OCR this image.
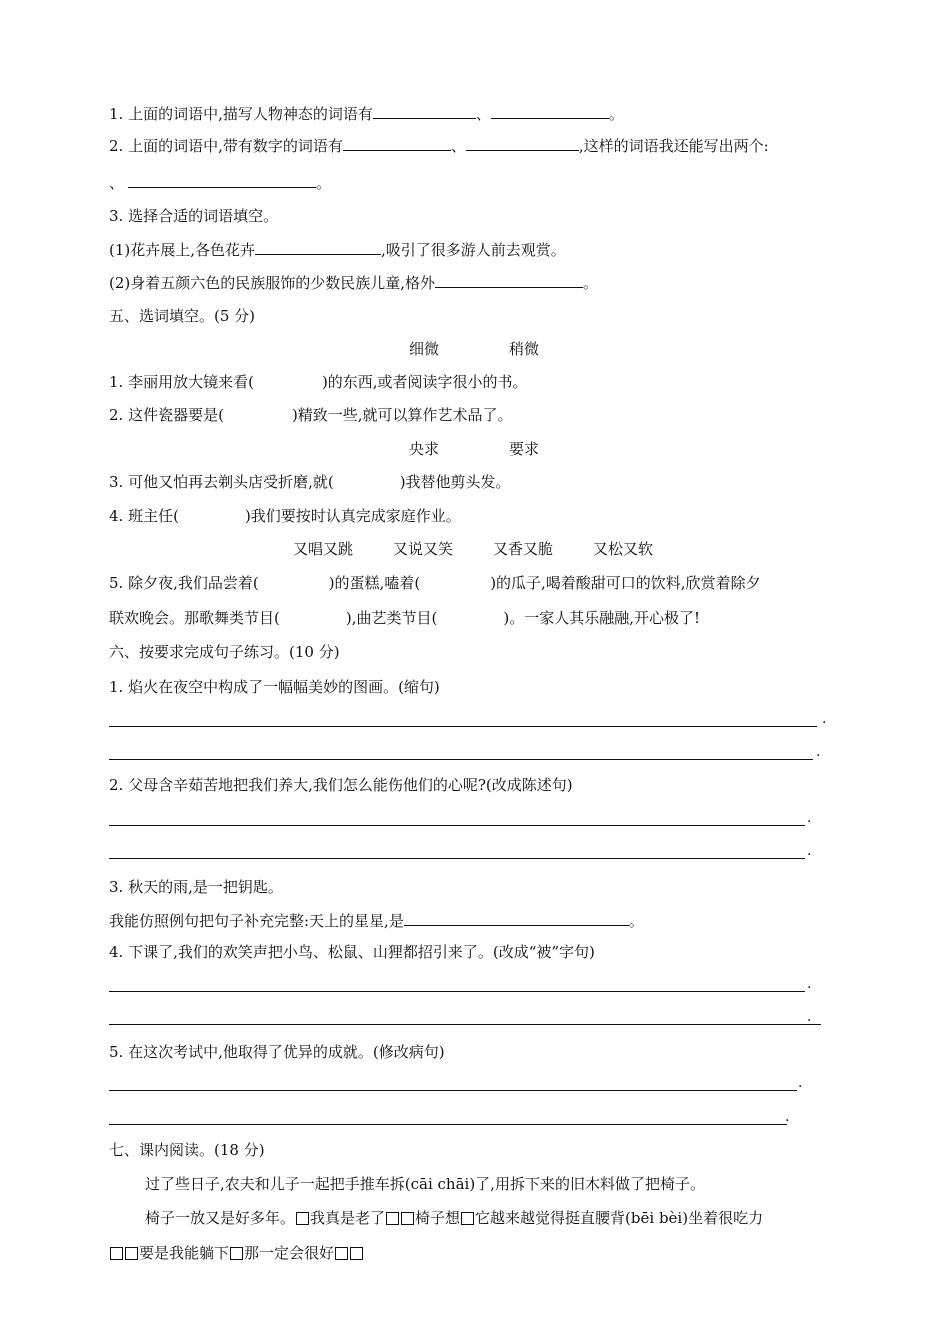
1. 上面的词语中,描写人物神态的词语有	、	。
2. 上面的词语中,带有数字的词语有	、	,这样的词语我还能写出两个:
、	。
3. 选择合适的词语填空。
(1)花卉展上,各色花卉	,吸引了很多游人前去观赏。
(2)身着五颜六色的民族服饰的少数民族儿童,格外	。
五、选词填空。(5 分)
细微	稍微
1. 李丽用放大镜来看(	)的东西,或者阅读字很小的书。
2. 这件瓷器要是(	)精致一些,就可以算作艺术品了。
央求	要求
3. 可他又怕再去剃头店受折磨,就(	)我替他剪头发。
4. 班主任(	)我们要按时认真完成家庭作业。
又唱又跳	又说又笑	又香又脆	又松又软
5. 除夕夜,我们品尝着(	)的蛋糕,嗑着(	)的瓜子,喝着酸甜可口的饮料,欣赏着除夕
联欢晚会。那歌舞类节目(	),曲艺类节目(	)。一家人其乐融融,开心极了!
六、按要求完成句子练习。(10 分)
1. 焰火在夜空中构成了一幅幅美妙的图画。(缩句)
.
.
2. 父母含辛茹苦地把我们养大,我们怎么能伤他们的心呢?(改成陈述句)
.
.
3. 秋天的雨,是一把钥匙。
我能仿照例句把句子补充完整:天上的星星,是	。
4. 下课了,我们的欢笑声把小鸟、松鼠、山狸都招引来了。(改成“被”字句)
.
.
5. 在这次考试中,他取得了优异的成就。(修改病句)
.
.
七、课内阅读。(18 分)
过了些日子,农夫和儿子一起把手推车拆(cāi chāi)了,用拆下来的旧木料做了把椅子。
椅子一放又是好多年。 我真是老了 椅子想 它越来越觉得挺直腰背(bēi bèi)坐着很吃力
要是我能躺下 那一定会很好
